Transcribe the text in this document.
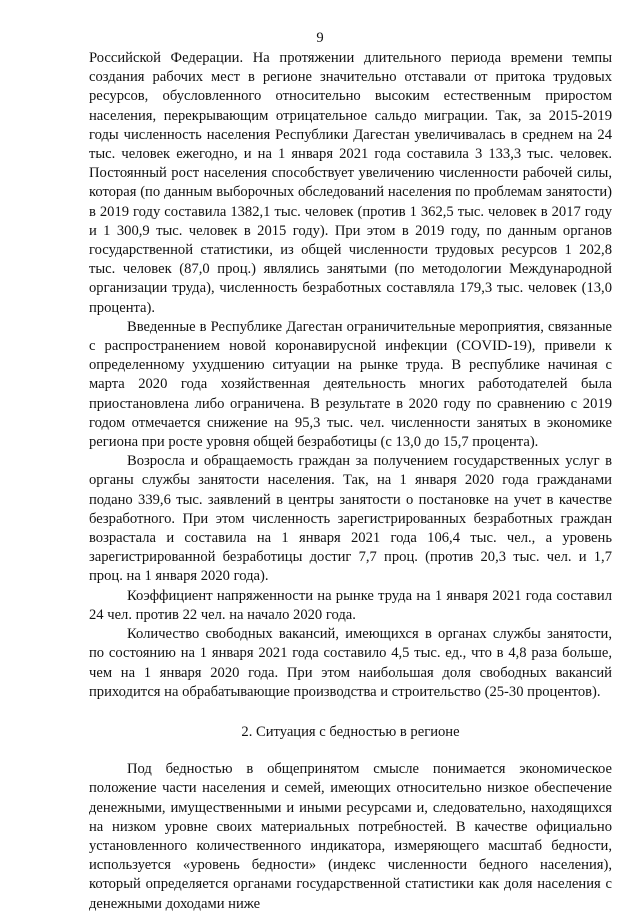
9

Российской Федерации. На протяжении длительного периода времени темпы создания рабочих мест в регионе значительно отставали от притока трудовых ресурсов, обусловленного относительно высоким естественным приростом населения, перекрывающим отрицательное сальдо миграции. Так, за 2015-2019 годы численность населения Республики Дагестан увеличивалась в среднем на 24 тыс. человек ежегодно, и на 1 января 2021 года составила 3 133,3 тыс. человек. Постоянный рост населения способствует увеличению численности рабочей силы, которая (по данным выборочных обследований населения по проблемам занятости) в 2019 году составила 1382,1 тыс. человек (против 1 362,5 тыс. человек в 2017 году и 1 300,9 тыс. человек в 2015 году). При этом в 2019 году, по данным органов государственной статистики, из общей численности трудовых ресурсов 1 202,8 тыс. человек (87,0 проц.) являлись занятыми (по методологии Международной организации труда), численность безработных составляла 179,3 тыс. человек (13,0 процента).

Введенные в Республике Дагестан ограничительные мероприятия, связанные с распространением новой коронавирусной инфекции (COVID-19), привели к определенному ухудшению ситуации на рынке труда. В республике начиная с марта 2020 года хозяйственная деятельность многих работодателей была приостановлена либо ограничена. В результате в 2020 году по сравнению с 2019 годом отмечается снижение на 95,3 тыс. чел. численности занятых в экономике региона при росте уровня общей безработицы (с 13,0 до 15,7 процента).

Возросла и обращаемость граждан за получением государственных услуг в органы службы занятости населения. Так, на 1 января 2020 года гражданами подано 339,6 тыс. заявлений в центры занятости о постановке на учет в качестве безработного. При этом численность зарегистрированных безработных граждан возрастала и составила на 1 января 2021 года 106,4 тыс. чел., а уровень зарегистрированной безработицы достиг 7,7 проц. (против 20,3 тыс. чел. и 1,7 проц. на 1 января 2020 года).

Коэффициент напряженности на рынке труда на 1 января 2021 года составил 24 чел. против 22 чел. на начало 2020 года.

Количество свободных вакансий, имеющихся в органах службы занятости, по состоянию на 1 января 2021 года составило 4,5 тыс. ед., что в 4,8 раза больше, чем на 1 января 2020 года. При этом наибольшая доля свободных вакансий приходится на обрабатывающие производства и строительство (25-30 процентов).

2. Ситуация с бедностью в регионе

Под бедностью в общепринятом смысле понимается экономическое положение части населения и семей, имеющих относительно низкое обеспечение денежными, имущественными и иными ресурсами и, следовательно, находящихся на низком уровне своих материальных потребностей. В качестве официально установленного количественного индикатора, измеряющего масштаб бедности, используется «уровень бедности» (индекс численности бедного населения), который определяется органами государственной статистики как доля населения с денежными доходами ниже
